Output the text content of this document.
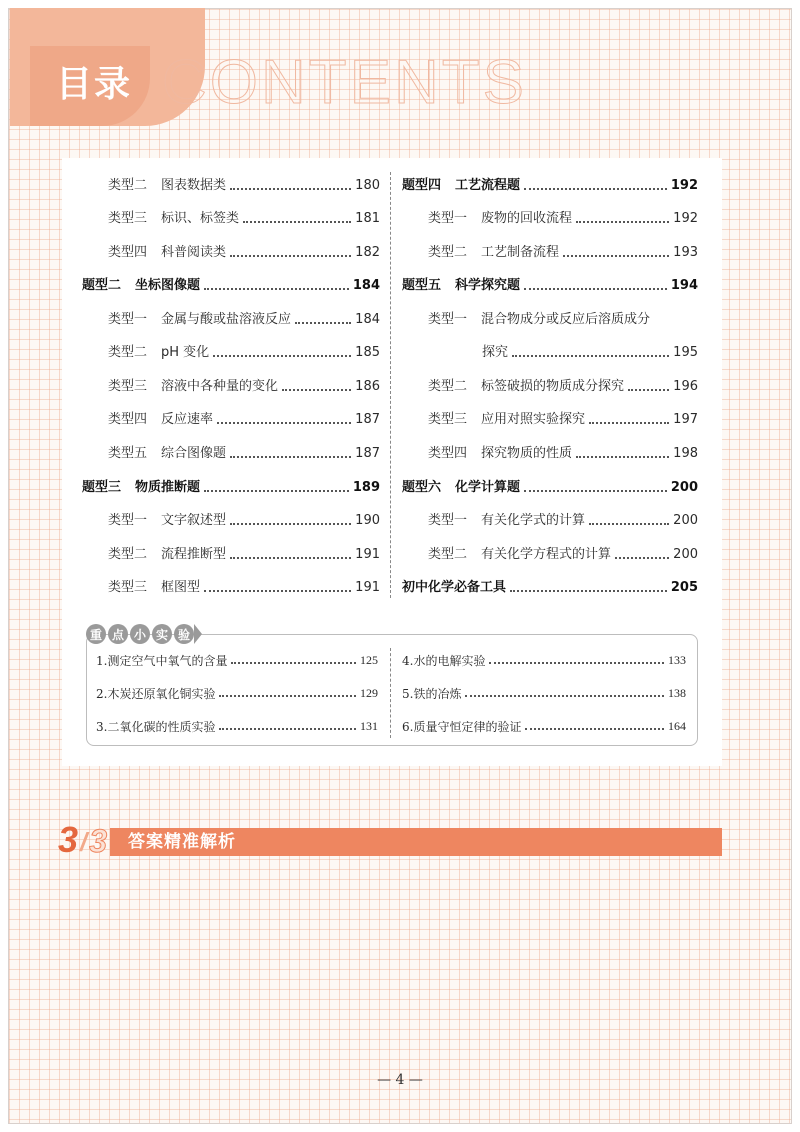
目录 CONTENTS
类型二 图表数据类	180
类型三 标识、标签类	181
类型四 科普阅读类	182
题型二 坐标图像题	184
类型一 金属与酸或盐溶液反应	184
类型二 pH 变化	185
类型三 溶液中各种量的变化	186
类型四 反应速率	187
类型五 综合图像题	187
题型三 物质推断题	189
类型一 文字叙述型	190
类型二 流程推断型	191
类型三 框图型	191
题型四 工艺流程题	192
类型一 废物的回收流程	192
类型二 工艺制备流程	193
题型五 科学探究题	194
类型一 混合物成分或反应后溶质成分
探究	195
类型二 标签破损的物质成分探究	196
类型三 应用对照实验探究	197
类型四 探究物质的性质	198
题型六 化学计算题	200
类型一 有关化学式的计算	200
类型二 有关化学方程式的计算	200
初中化学必备工具	205
重 点 小 实 验
1.测定空气中氧气的含量	125
2.木炭还原氧化铜实验	129
3.二氧化碳的性质实验	131
4.水的电解实验	133
5.铁的冶炼	138
6.质量守恒定律的验证	164
3 / 3 答案精准解析
— 4 —
